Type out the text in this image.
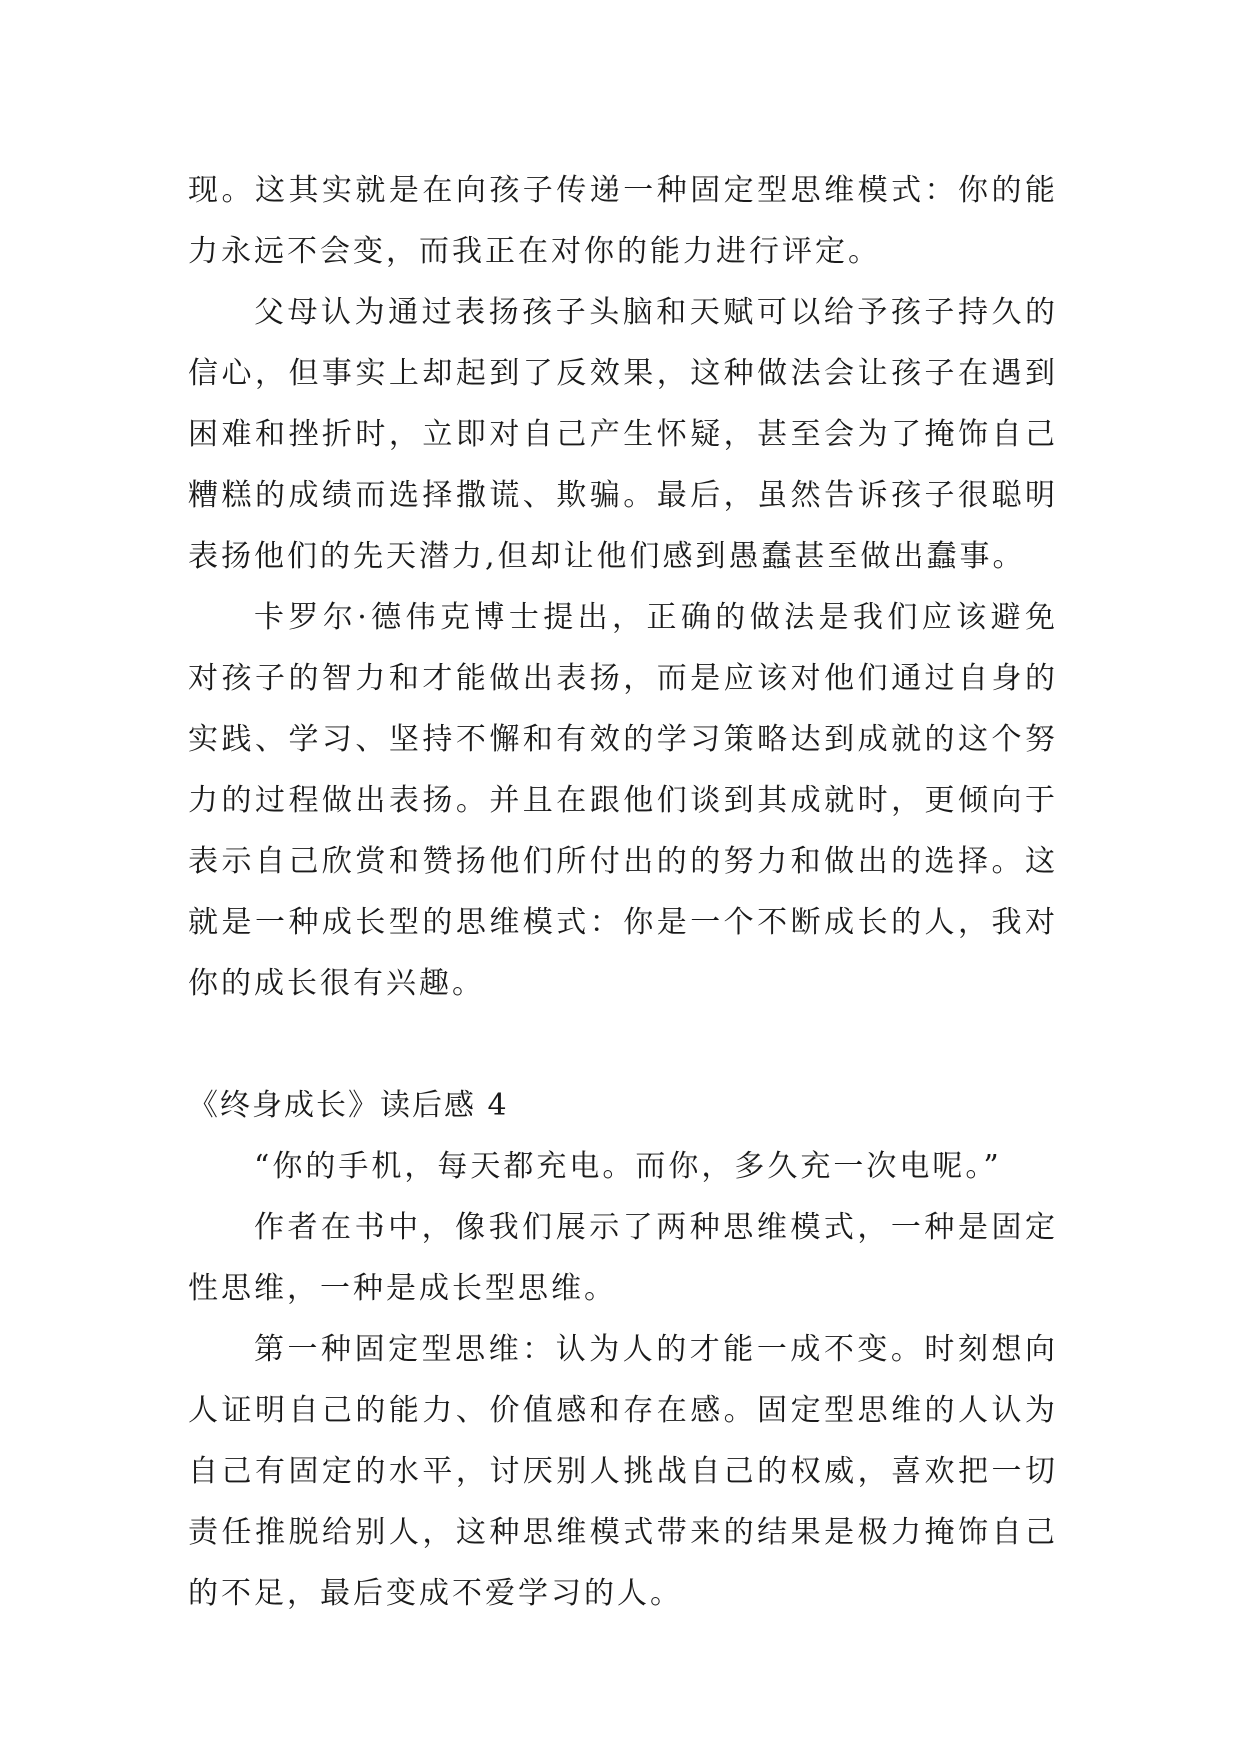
现。这其实就是在向孩子传递一种固定型思维模式：你的能力永远不会变，而我正在对你的能力进行评定。

父母认为通过表扬孩子头脑和天赋可以给予孩子持久的信心，但事实上却起到了反效果，这种做法会让孩子在遇到困难和挫折时，立即对自己产生怀疑，甚至会为了掩饰自己糟糕的成绩而选择撒谎、欺骗。最后，虽然告诉孩子很聪明表扬他们的先天潜力,但却让他们感到愚蠢甚至做出蠢事。

卡罗尔·德伟克博士提出，正确的做法是我们应该避免对孩子的智力和才能做出表扬，而是应该对他们通过自身的实践、学习、坚持不懈和有效的学习策略达到成就的这个努力的过程做出表扬。并且在跟他们谈到其成就时，更倾向于表示自己欣赏和赞扬他们所付出的的努力和做出的选择。这就是一种成长型的思维模式：你是一个不断成长的人，我对你的成长很有兴趣。

《终身成长》读后感 4

“你的手机，每天都充电。而你，多久充一次电呢。”

作者在书中，像我们展示了两种思维模式，一种是固定性思维，一种是成长型思维。

第一种固定型思维：认为人的才能一成不变。时刻想向人证明自己的能力、价值感和存在感。固定型思维的人认为自己有固定的水平，讨厌别人挑战自己的权威，喜欢把一切责任推脱给别人，这种思维模式带来的结果是极力掩饰自己的不足，最后变成不爱学习的人。
